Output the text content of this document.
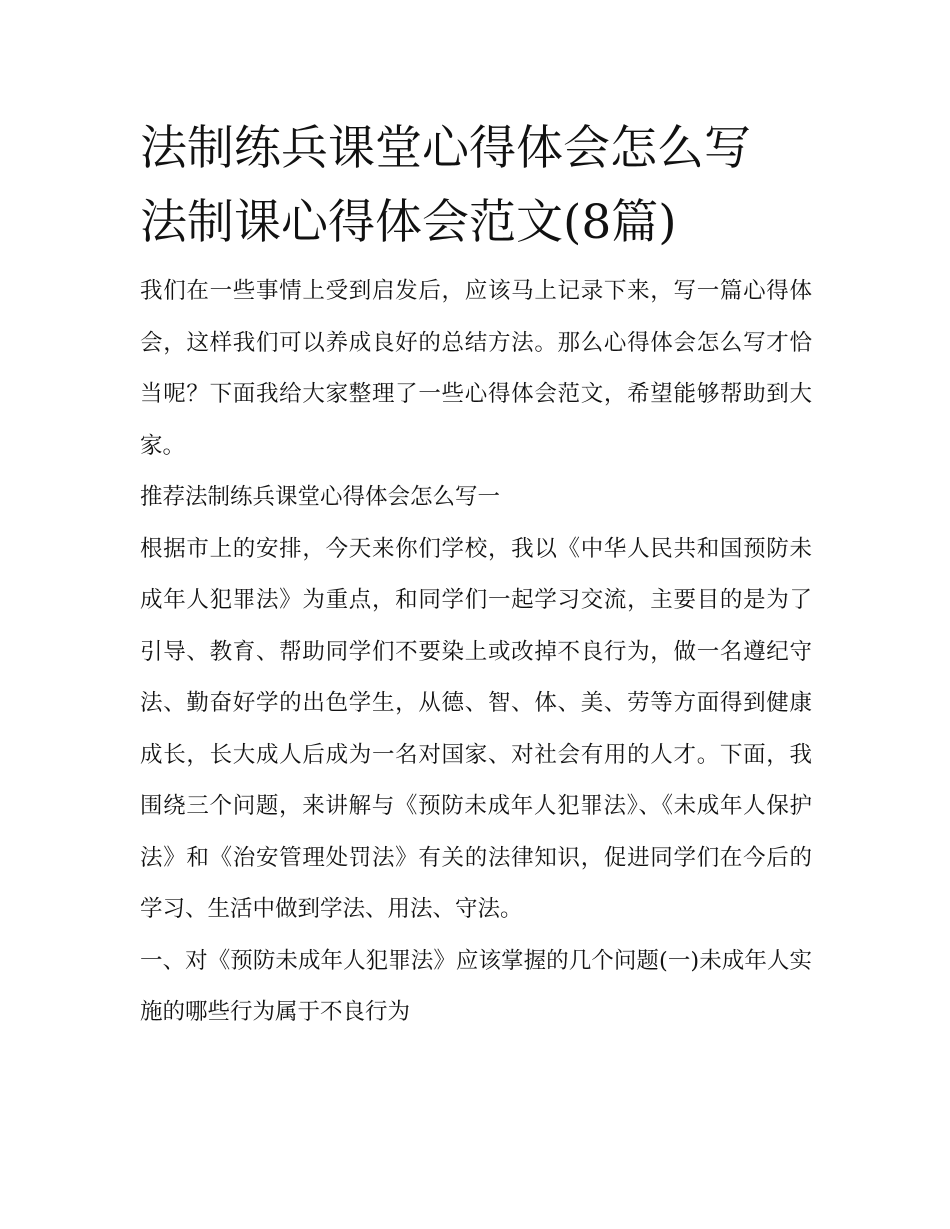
法制练兵课堂心得体会怎么写
法制课心得体会范文(8篇)

我们在一些事情上受到启发后，应该马上记录下来，写一篇心得体会，这样我们可以养成良好的总结方法。那么心得体会怎么写才恰当呢？下面我给大家整理了一些心得体会范文，希望能够帮助到大家。

推荐法制练兵课堂心得体会怎么写一

根据市上的安排，今天来你们学校，我以《中华人民共和国预防未成年人犯罪法》为重点，和同学们一起学习交流，主要目的是为了引导、教育、帮助同学们不要染上或改掉不良行为，做一名遵纪守法、勤奋好学的出色学生，从德、智、体、美、劳等方面得到健康成长，长大成人后成为一名对国家、对社会有用的人才。下面，我围绕三个问题，来讲解与《预防未成年人犯罪法》、《未成年人保护法》和《治安管理处罚法》有关的法律知识，促进同学们在今后的学习、生活中做到学法、用法、守法。

一、对《预防未成年人犯罪法》应该掌握的几个问题(一)未成年人实施的哪些行为属于不良行为
